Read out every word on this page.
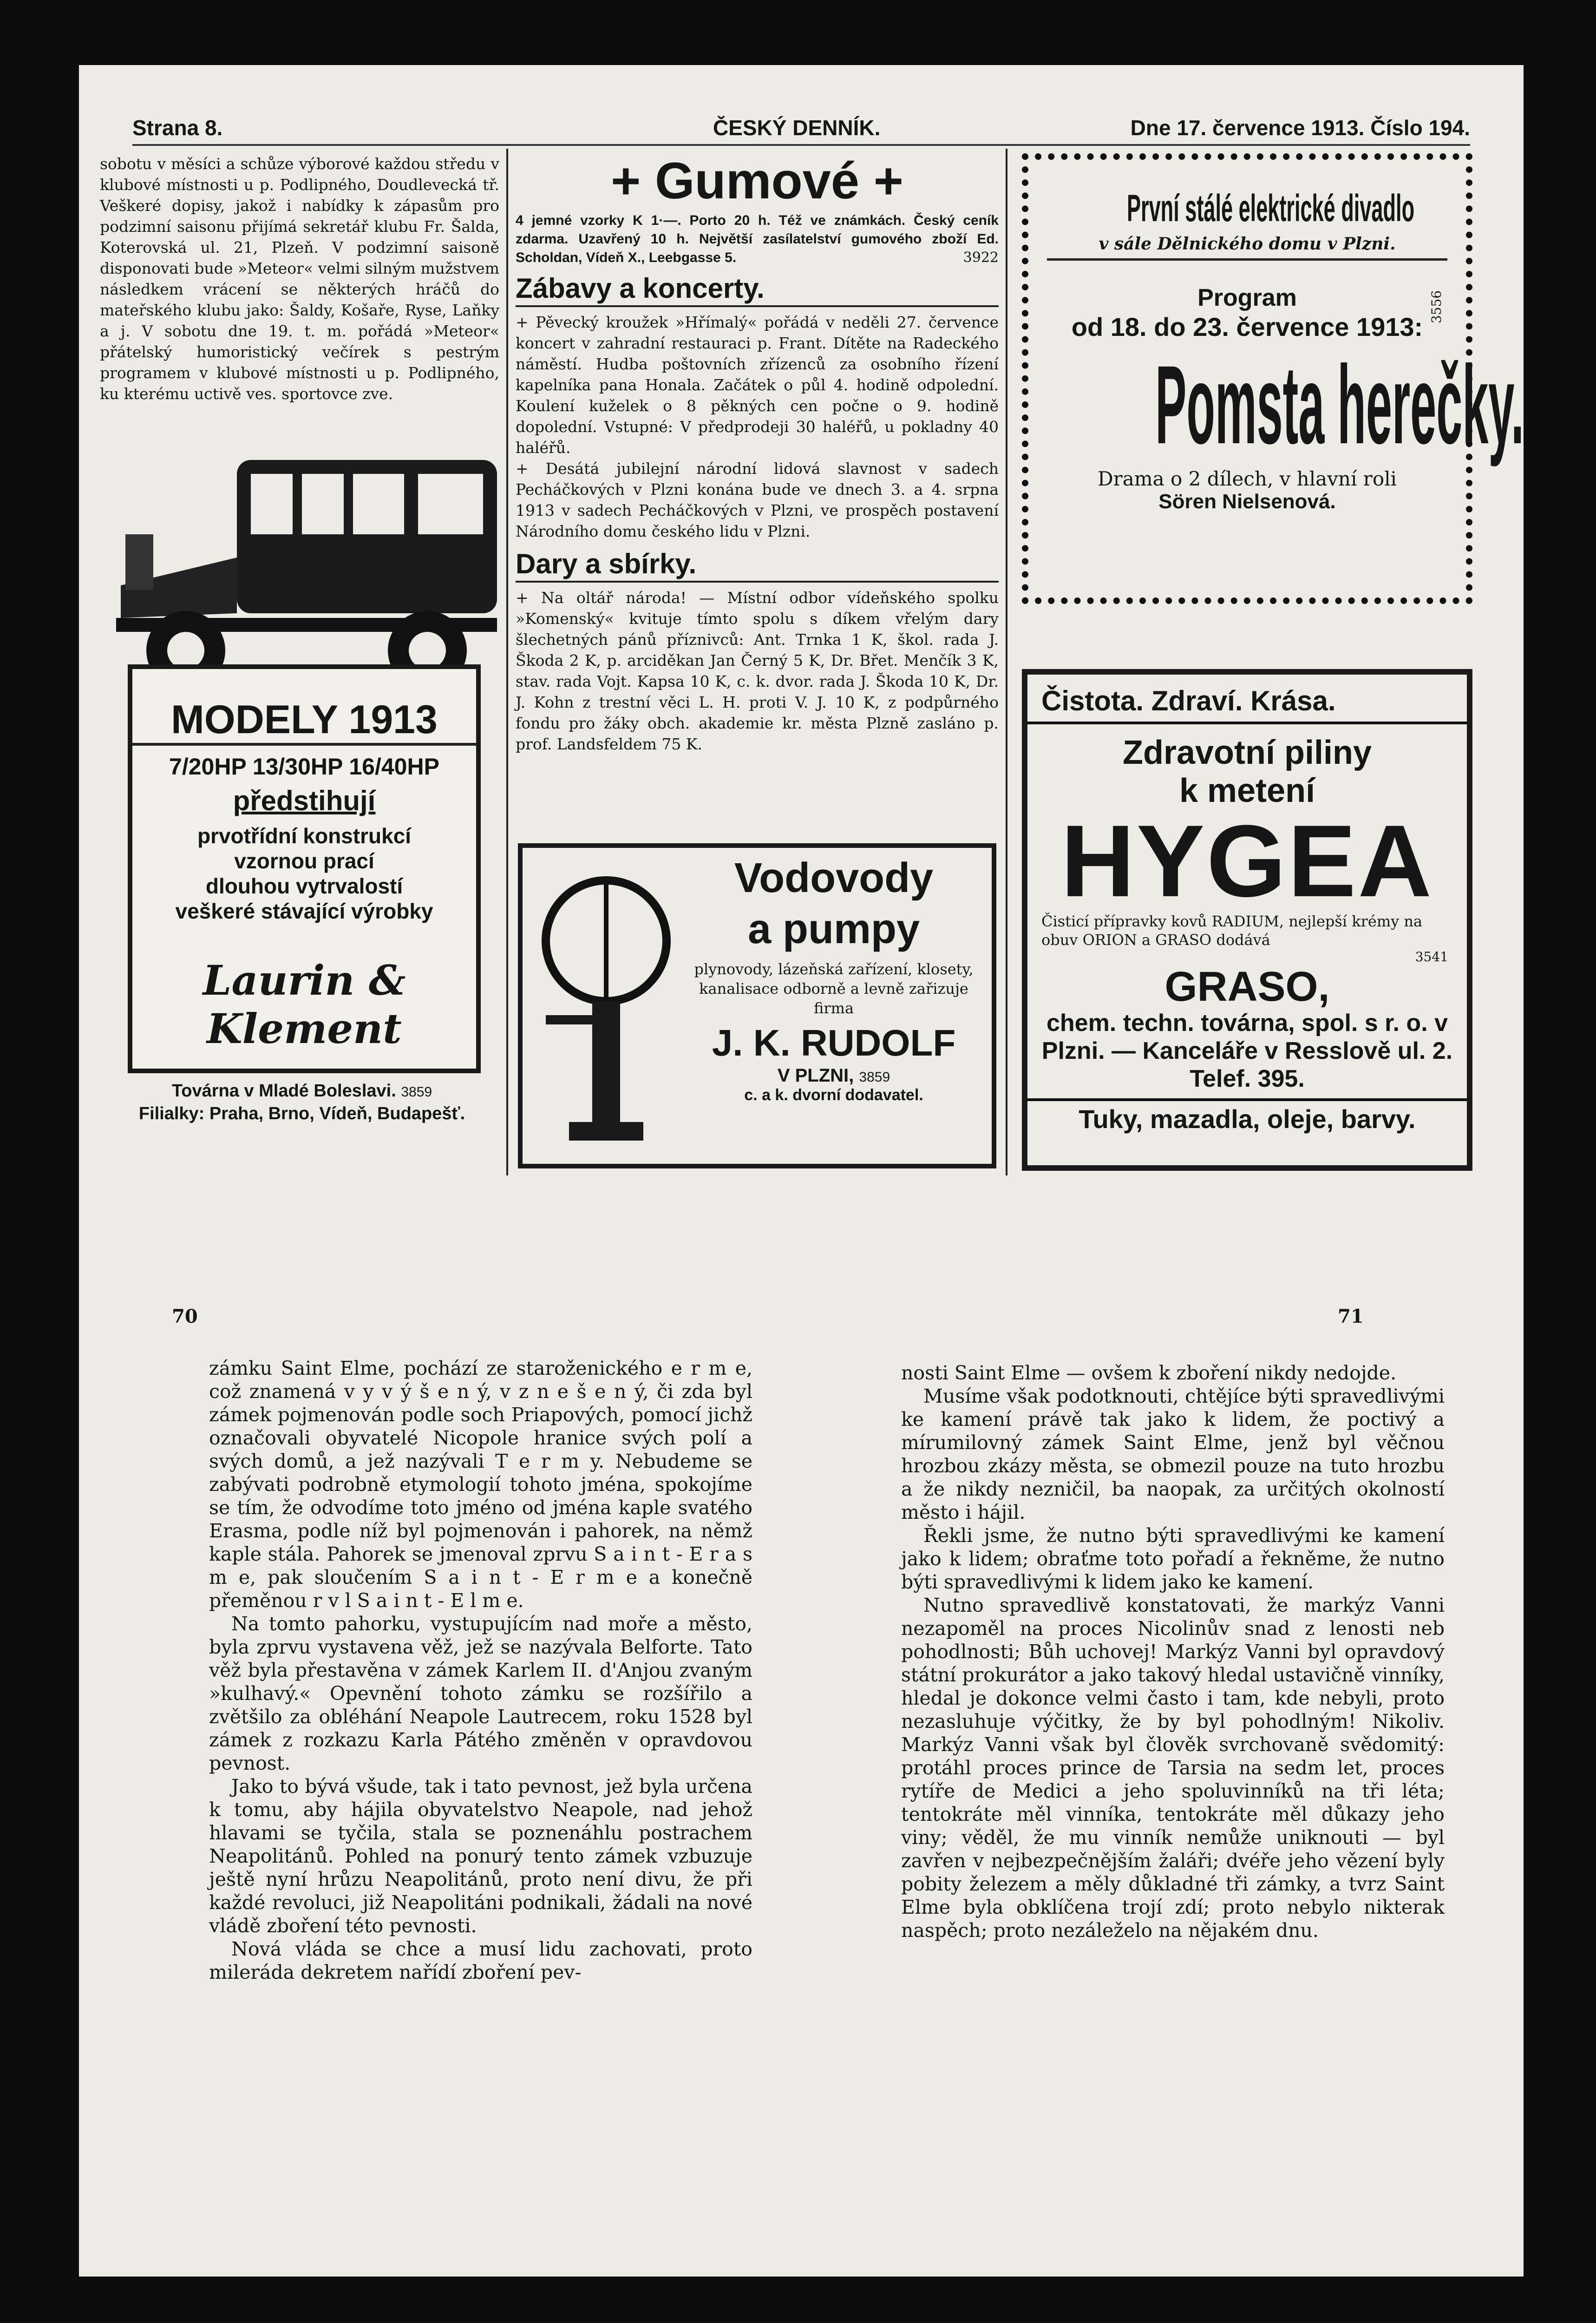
Strana 8.	ČESKÝ DENNÍK.	Dne 17. července 1913. Číslo 194.

sobotu v měsíci a schůze výborové každou středu v klubové místnosti u p. Podlipného, Doudlevecká tř. Veškeré dopisy, jakož i nabídky k zápasům pro podzimní saisonu přijímá sekretář klubu Fr. Šalda, Koterovská ul. 21, Plzeň. V podzimní saisoně disponovati bude »Meteor« velmi silným mužstvem následkem vrácení se některých hráčů do mateřského klubu jako: Šaldy, Košaře, Ryse, Laňky a j. V sobotu dne 19. t. m. pořádá »Meteor« přátelský humoristický večírek s pestrým programem v klubové místnosti u p. Podlipného, ku kterému uctivě ves. sportovce zve.

MODELY 1913
7/20HP 13/30HP 16/40HP
předstihují
prvotřídní konstrukcí
vzornou prací
dlouhou vytrvalostí
veškeré stávající výrobky
Laurin & Klement
Továrna v Mladé Boleslavi. 3859
Filialky: Praha, Brno, Vídeň, Budapešť.
+ Gumové +

4 jemné vzorky K 1·—. Porto 20 h. Též ve známkách. Český ceník zdarma. Uzavřený 10 h. Největší zasílatelství gumového zboží Ed. Scholdan, Vídeň X., Leebgasse 5.	3922
Zábavy a koncerty.

+ Pěvecký kroužek »Hřímalý« pořádá v neděli 27. července koncert v zahradní restauraci p. Frant. Dítěte na Radeckého náměstí. Hudba poštovních zřízenců za osobního řízení kapelníka pana Honala. Začátek o půl 4. hodině odpolední. Koulení kuželek o 8 pěkných cen počne o 9. hodině dopolední. Vstupné: V předprodeji 30 haléřů, u pokladny 40 haléřů.

+ Desátá jubilejní národní lidová slavnost v sadech Pecháčkových v Plzni konána bude ve dnech 3. a 4. srpna 1913 v sadech Pecháčkových v Plzni, ve prospěch postavení Národního domu českého lidu v Plzni.

Dary a sbírky.

+ Na oltář národa! — Místní odbor vídeňského spolku »Komenský« kvituje tímto spolu s díkem vřelým dary šlechetných pánů příznivců: Ant. Trnka 1 K, škol. rada J. Škoda 2 K, p. arciděkan Jan Černý 5 K, Dr. Břet. Menčík 3 K, stav. rada Vojt. Kapsa 10 K, c. k. dvor. rada J. Škoda 10 K, Dr. J. Kohn z trestní věci L. H. proti V. J. 10 K, z podpůrného fondu pro žáky obch. akademie kr. města Plzně zasláno p. prof. Landsfeldem 75 K.

Vodovody
a pumpy
plynovody, lázeňská zařízení, klosety, kanalisace odborně a levně zařizuje firma
J. K. RUDOLF
V PLZNI, 3859
c. a k. dvorní dodavatel.
První stálé elektrické divadlo
v sále Dělnického domu v Plzni.
Program
od 18. do 23. července 1913:
3556
Pomsta herečky.
Drama o 2 dílech, v hlavní roli
Sören Nielsenová.
Čistota. Zdraví. Krása.
Zdravotní piliny
k metení
HYGEA
Čisticí přípravky kovů RADIUM, nejlepší krémy na obuv ORION a GRASO dodává
3541
GRASO,
chem. techn. továrna, spol. s r. o. v Plzni. — Kanceláře v Resslově ul. 2. Telef. 395.
Tuky, mazadla, oleje, barvy.
70	71

zámku Saint Elme, pochází ze staroženického e r m e, což znamená v y v ý š e n ý, v z n e š e n ý, či zda byl zámek pojmenován podle soch Priapových, pomocí jichž označovali obyvatelé Nicopole hranice svých polí a svých domů, a jež nazývali T e r m y. Nebudeme se zabývati podrobně etymologií tohoto jména, spokojíme se tím, že odvodíme toto jméno od jména kaple svatého Erasma, podle níž byl pojmenován i pahorek, na němž kaple stála. Pahorek se jmenoval zprvu S a i n t - E r a s m e, pak sloučením S a i n t - E r m e a konečně přeměnou r v l S a i n t - E l m e.

Na tomto pahorku, vystupujícím nad moře a město, byla zprvu vystavena věž, jež se nazývala Belforte. Tato věž byla přestavěna v zámek Karlem II. d'Anjou zvaným »kulhavý.« Opevnění tohoto zámku se rozšířilo a zvětšilo za obléhání Neapole Lautrecem, roku 1528 byl zámek z rozkazu Karla Pátého změněn v opravdovou pevnost.

Jako to bývá všude, tak i tato pevnost, jež byla určena k tomu, aby hájila obyvatelstvo Neapole, nad jehož hlavami se tyčila, stala se poznenáhlu postrachem Neapolitánů. Pohled na ponurý tento zámek vzbuzuje ještě nyní hrůzu Neapolitánů, proto není divu, že při každé revoluci, již Neapolitáni podnikali, žádali na nové vládě zboření této pevnosti.

Nová vláda se chce a musí lidu zachovati, proto milerádа dekretem nařídí zboření pev-

nosti Saint Elme — ovšem k zboření nikdy nedojde.

Musíme však podotknouti, chtějíce býti spravedlivými ke kamení právě tak jako k lidem, že poctivý a mírumilovný zámek Saint Elme, jenž byl věčnou hrozbou zkázy města, se obmezil pouze na tuto hrozbu a že nikdy nezničil, ba naopak, za určitých okolností město i hájil.

Řekli jsme, že nutno býti spravedlivými ke kamení jako k lidem; obraťme toto pořadí a řekněme, že nutno býti spravedlivými k lidem jako ke kamení.

Nutno spravedlivě konstatovati, že markýz Vanni nezapoměl na proces Nicolinův snad z lenosti neb pohodlnosti; Bůh uchovej! Markýz Vanni byl opravdový státní prokurátor a jako takový hledal ustavičně vinníky, hledal je dokonce velmi často i tam, kde nebyli, proto nezasluhuje výčitky, že by byl pohodlným! Nikoliv. Markýz Vanni však byl člověk svrchovaně svědomitý: protáhl proces prince de Tarsia na sedm let, proces rytíře de Medici a jeho spoluvinníků na tři léta; tentokráte měl vinníka, tentokráte měl důkazy jeho viny; věděl, že mu vinník nemůže uniknouti — byl zavřen v nejbezpečnějším žaláři; dvéře jeho vězení byly pobity železem a měly důkladné tři zámky, a tvrz Saint Elme byla obklíčena trojí zdí; proto nebylo nikterak naspěch; proto nezáleželo na nějakém dnu.
